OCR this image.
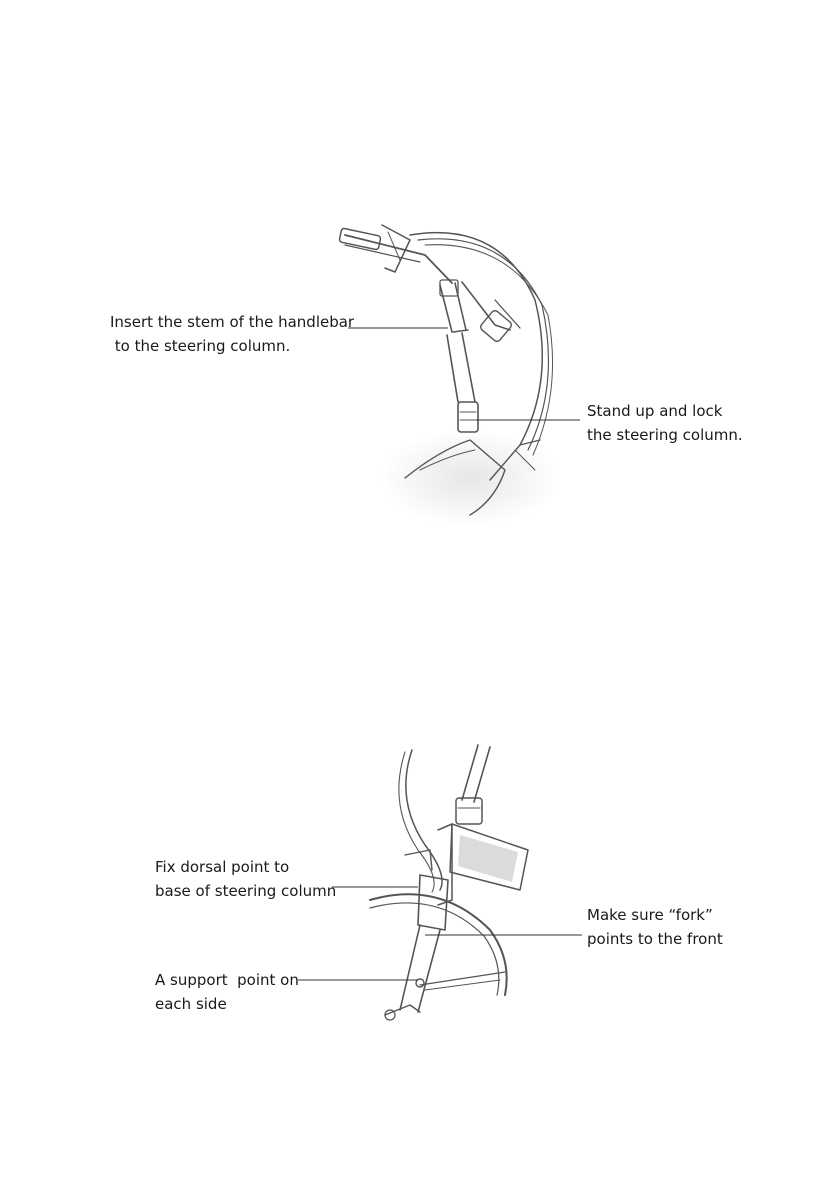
Insert the stem of the handlebar
to the steering column.
Stand up and lock
the steering column.
Fix dorsal point to
base of steering column
Make sure “fork”
points to the front
A support  point on
each side
